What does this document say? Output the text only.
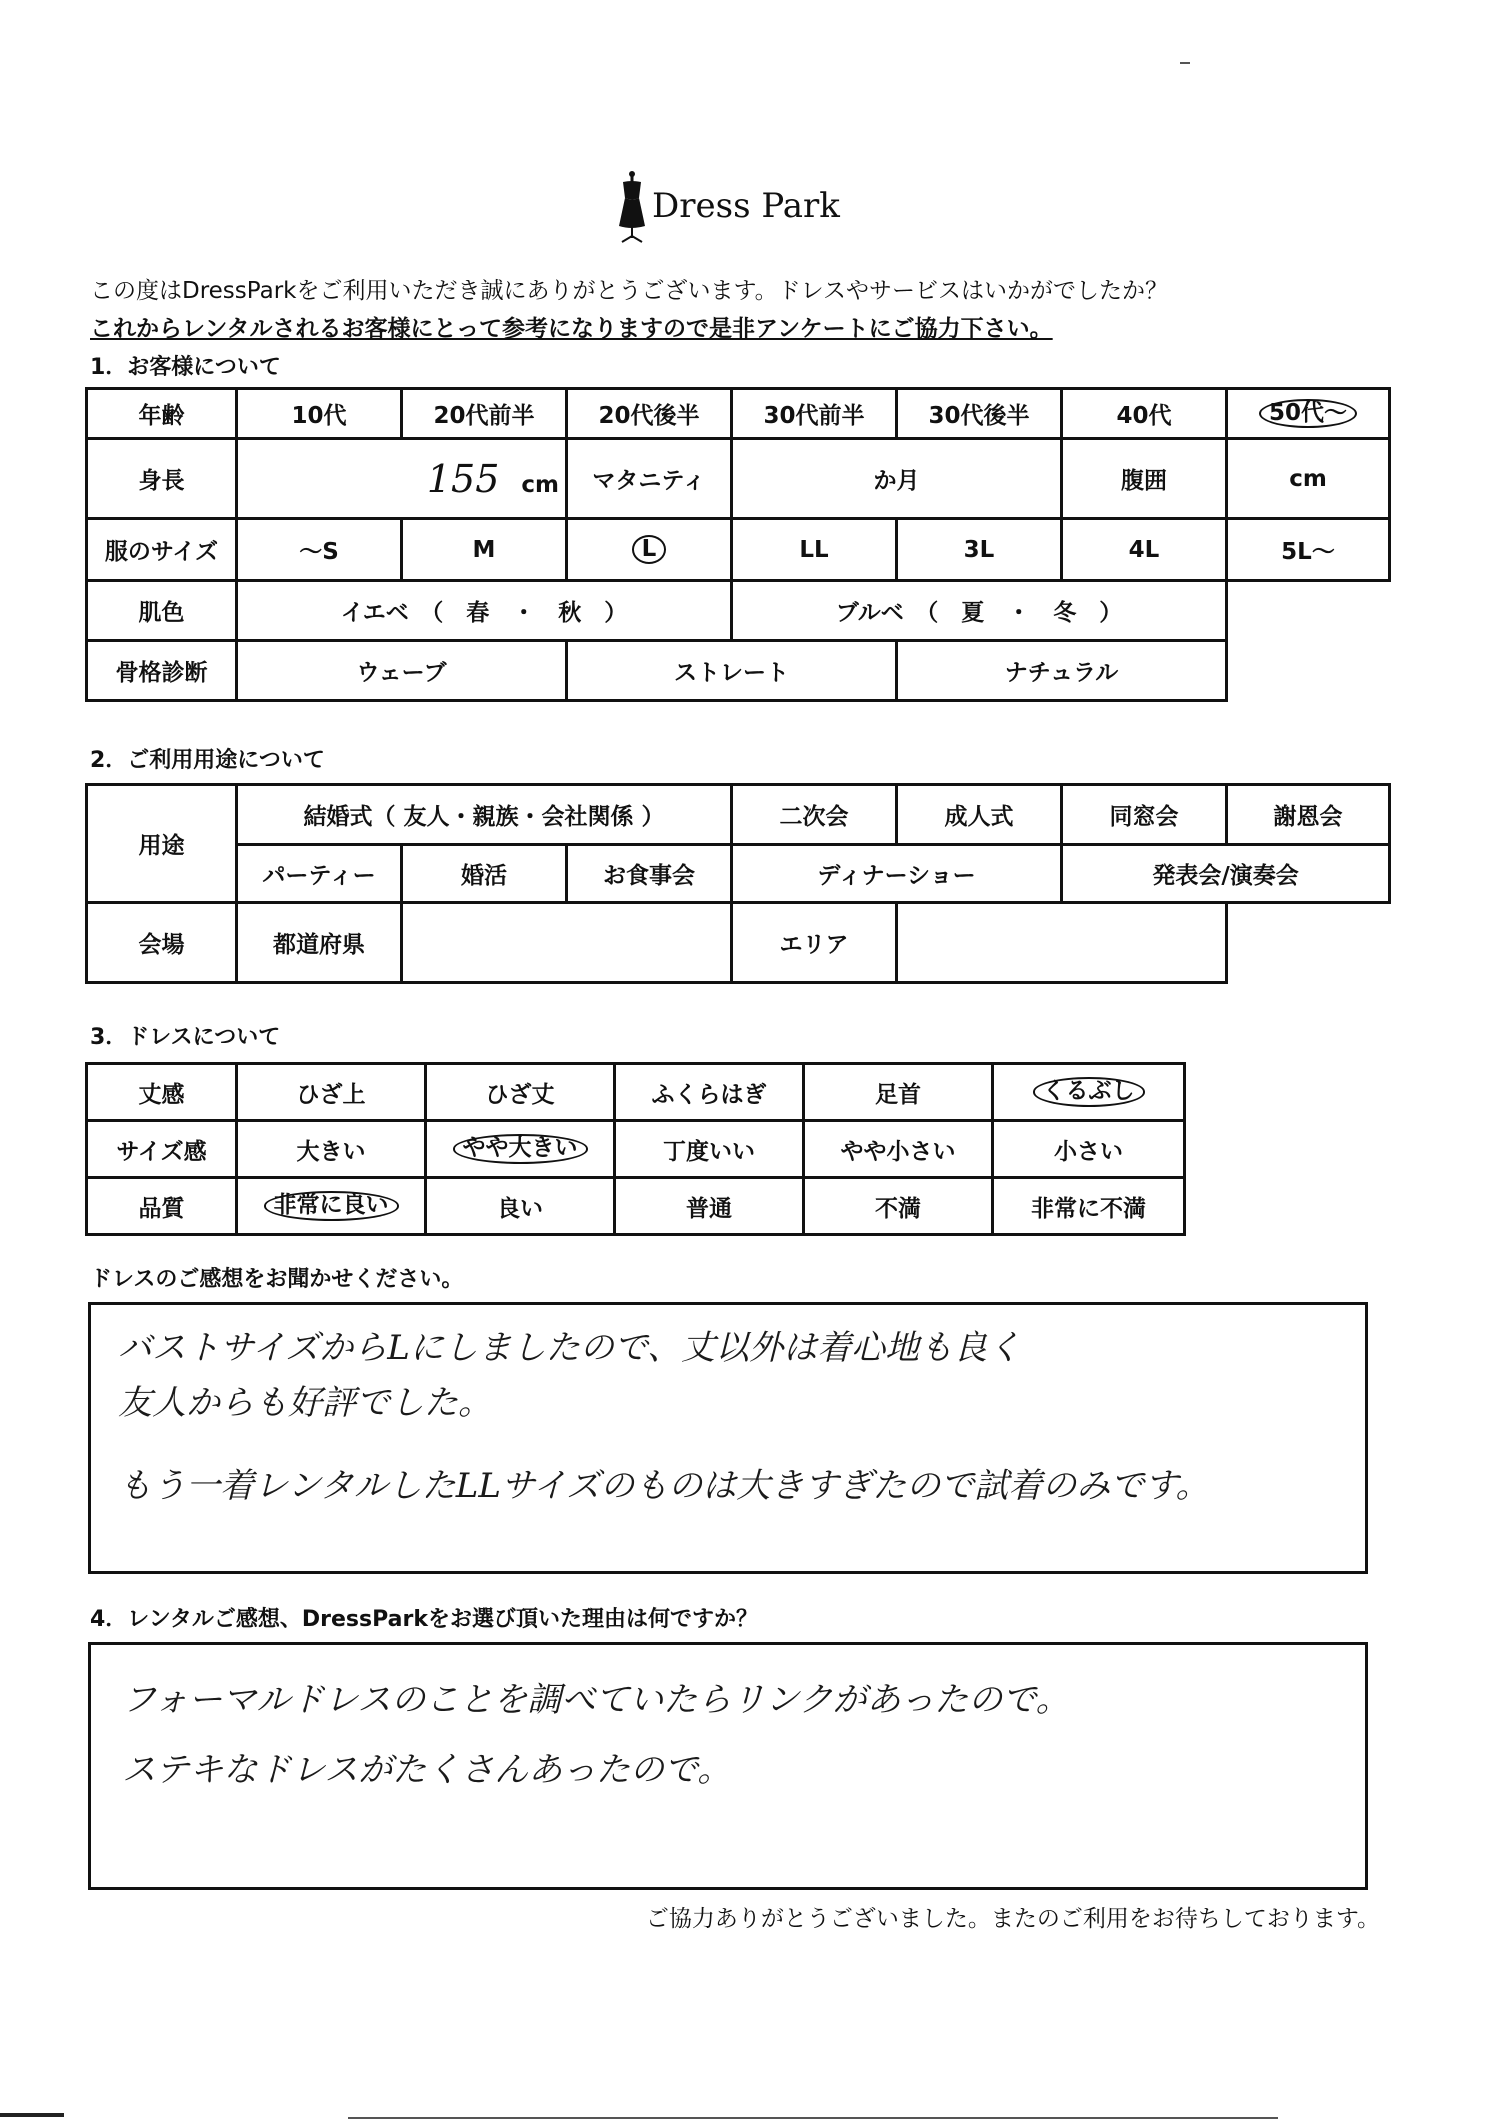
Dress Park
この度はDressParkをご利用いただき誠にありがとうございます。ドレスやサービスはいかがでしたか？
これからレンタルされるお客様にとって参考になりますので是非アンケートにご協力下さい。
1．お客様について
年齢	10代	20代前半	20代後半	30代前半	30代後半	40代	50代～
身長	155 cm		マタニティ	か月		腹囲	cm
服のサイズ	～S	M	L	LL	3L	4L	5L～
肌色	イエベ　（　春　・　秋　）			ブルベ　（　夏　・　冬　）			
骨格診断	ウェーブ		ストレート		ナチュラル		
2．ご利用用途について
用途	結婚式（ 友人・親族・会社関係 ）			二次会	成人式	同窓会	謝恩会
	パーティー	婚活	お食事会	ディナーショー		発表会/演奏会	
会場	都道府県			エリア			
3．ドレスについて
丈感	ひざ上	ひざ丈	ふくらはぎ	足首	くるぶし
サイズ感	大きい	やや大きい	丁度いい	やや小さい	小さい
品質	非常に良い	良い	普通	不満	非常に不満
ドレスのご感想をお聞かせください。
バストサイズからLにしましたので、丈以外は着心地も良く
友人からも好評でした。
もう一着レンタルしたLLサイズのものは大きすぎたので試着のみです。
4．レンタルご感想、DressParkをお選び頂いた理由は何ですか？
フォーマルドレスのことを調べていたらリンクがあったので。
ステキなドレスがたくさんあったので。
ご協力ありがとうございました。またのご利用をお待ちしております。
